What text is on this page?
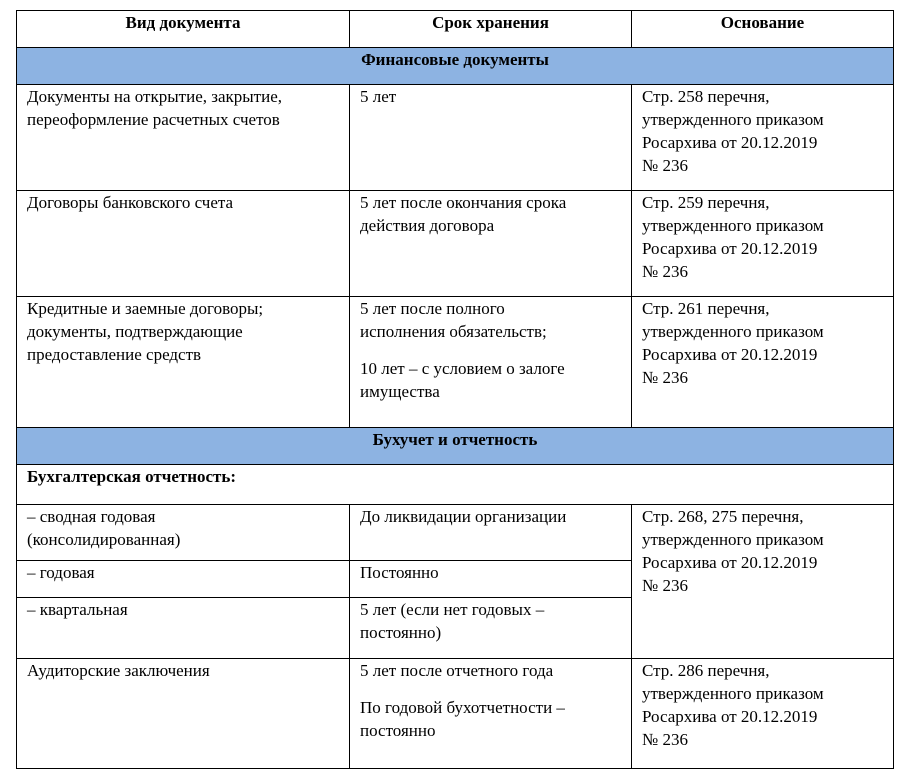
Вид документа	Срок хранения	Основание
Финансовые документы		

Документы на открытие, закрытие,
переоформление расчетных счетов	5 лет	Стр. 258 перечня,
утвержденного приказом
Росархива от 20.12.2019
№ 236

Договоры банковского счета	5 лет после окончания срока
действия договора	Стр. 259 перечня,
утвержденного приказом
Росархива от 20.12.2019
№ 236

Кредитные и заемные договоры;
документы, подтверждающие
предоставление средств	5 лет после полного
исполнения обязательств;
10 лет – с условием о залоге
имущества	Стр. 261 перечня,
утвержденного приказом
Росархива от 20.12.2019
№ 236

Бухучет и отчетность		
Бухгалтерская отчетность:		

– сводная годовая
(консолидированная)	До ликвидации организации	Стр. 268, 275 перечня,
утвержденного приказом
Росархива от 20.12.2019
№ 236

– годовая	Постоянно	

– квартальная	5 лет (если нет годовых –
постоянно)	

Аудиторские заключения	5 лет после отчетного года
По годовой бухотчетности –
постоянно	Стр. 286 перечня,
утвержденного приказом
Росархива от 20.12.2019
№ 236
